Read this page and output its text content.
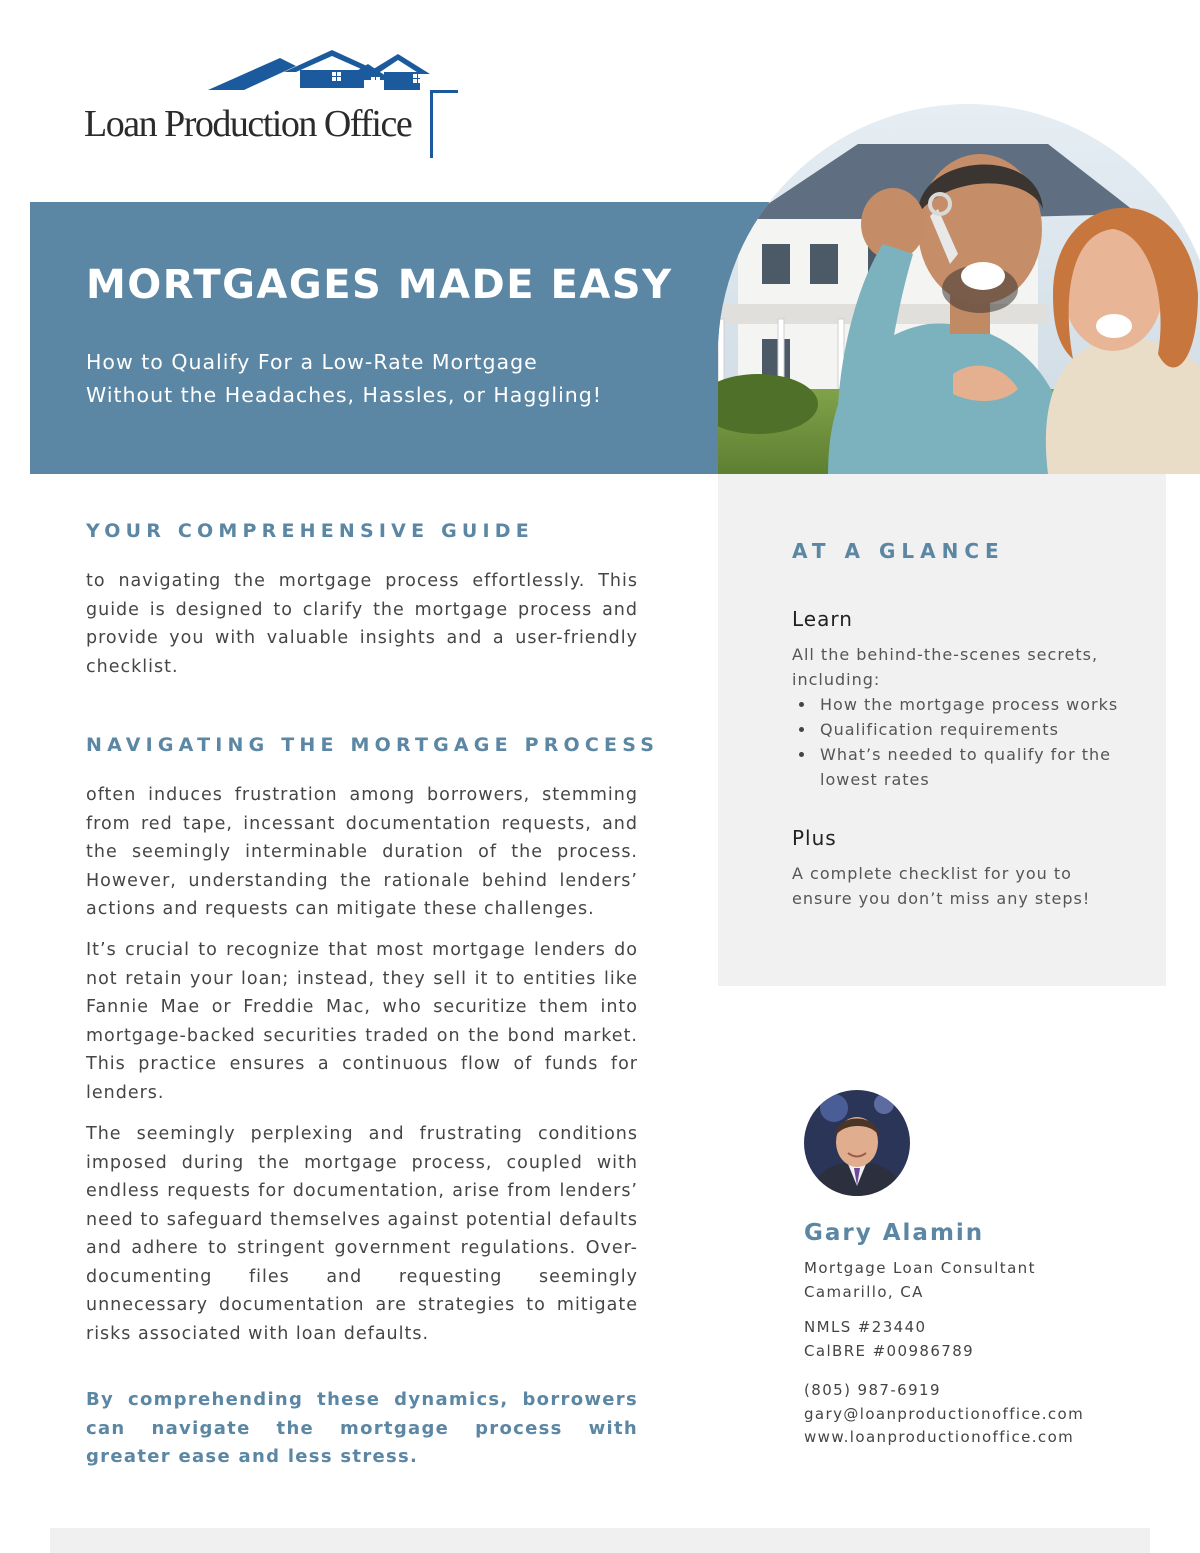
Loan Production Office
MORTGAGES MADE EASY
How to Qualify For a Low-Rate Mortgage
Without the Headaches, Hassles, or Haggling!
YOUR COMPREHENSIVE GUIDE

to navigating the mortgage process effortlessly. This guide is designed to clarify the mortgage process and provide you with valuable insights and a user-friendly checklist.

NAVIGATING THE MORTGAGE PROCESS

often induces frustration among borrowers, stemming from red tape, incessant documentation requests, and the seemingly interminable duration of the process. However, understanding the rationale behind lenders’ actions and requests can mitigate these challenges.

It’s crucial to recognize that most mortgage lenders do not retain your loan; instead, they sell it to entities like Fannie Mae or Freddie Mac, who securitize them into mortgage-backed securities traded on the bond market. This practice ensures a continuous flow of funds for lenders.

The seemingly perplexing and frustrating conditions imposed during the mortgage process, coupled with endless requests for documentation, arise from lenders’ need to safeguard themselves against potential defaults and adhere to stringent government regulations. Over-documenting files and requesting seemingly unnecessary documentation are strategies to mitigate risks associated with loan defaults.

By comprehending these dynamics, borrowers can navigate the mortgage process with greater ease and less stress.

AT A GLANCE
Learn
All the behind-the-scenes secrets, including:
How the mortgage process works
Qualification requirements
What’s needed to qualify for the lowest rates
Plus
A complete checklist for you to ensure you don’t miss any steps!
Gary Alamin
Mortgage Loan Consultant
Camarillo, CA
NMLS #23440
CalBRE #00986789
(805) 987-6919
gary@loanproductionoffice.com
www.loanproductionoffice.com
